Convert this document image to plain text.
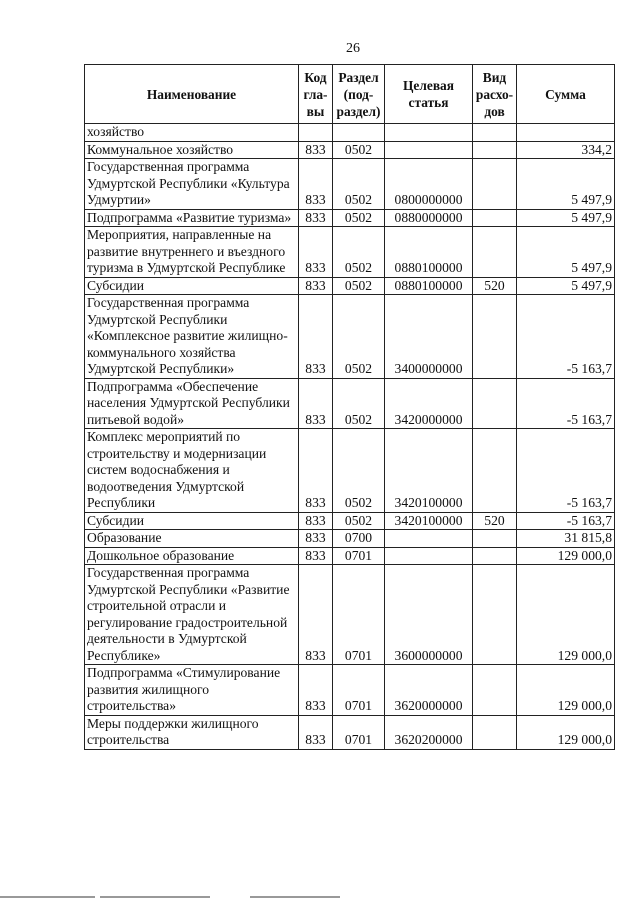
26
Наименование	Код гла-вы	Раздел (под-раздел)	Целевая статья	Вид расхо-дов	Сумма
хозяйство					
Коммунальное хозяйство	833	0502			334,2
Государственная программа Удмуртской Республики «Культура Удмуртии»	833	0502	0800000000		5 497,9
Подпрограмма «Развитие туризма»	833	0502	0880000000		5 497,9
Мероприятия, направленные на развитие внутреннего и въездного туризма в Удмуртской Республике	833	0502	0880100000		5 497,9
Субсидии	833	0502	0880100000	520	5 497,9
Государственная программа Удмуртской Республики «Комплексное развитие жилищно-коммунального хозяйства Удмуртской Республики»	833	0502	3400000000		-5 163,7
Подпрограмма «Обеспечение населения Удмуртской Республики питьевой водой»	833	0502	3420000000		-5 163,7
Комплекс мероприятий по строительству и модернизации систем водоснабжения и водоотведения Удмуртской Республики	833	0502	3420100000		-5 163,7
Субсидии	833	0502	3420100000	520	-5 163,7
Образование	833	0700			31 815,8
Дошкольное образование	833	0701			129 000,0
Государственная программа Удмуртской Республики «Развитие строительной отрасли и регулирование градостроительной деятельности в Удмуртской Республике»	833	0701	3600000000		129 000,0
Подпрограмма «Стимулирование развития жилищного строительства»	833	0701	3620000000		129 000,0
Меры поддержки жилищного строительства	833	0701	3620200000		129 000,0
